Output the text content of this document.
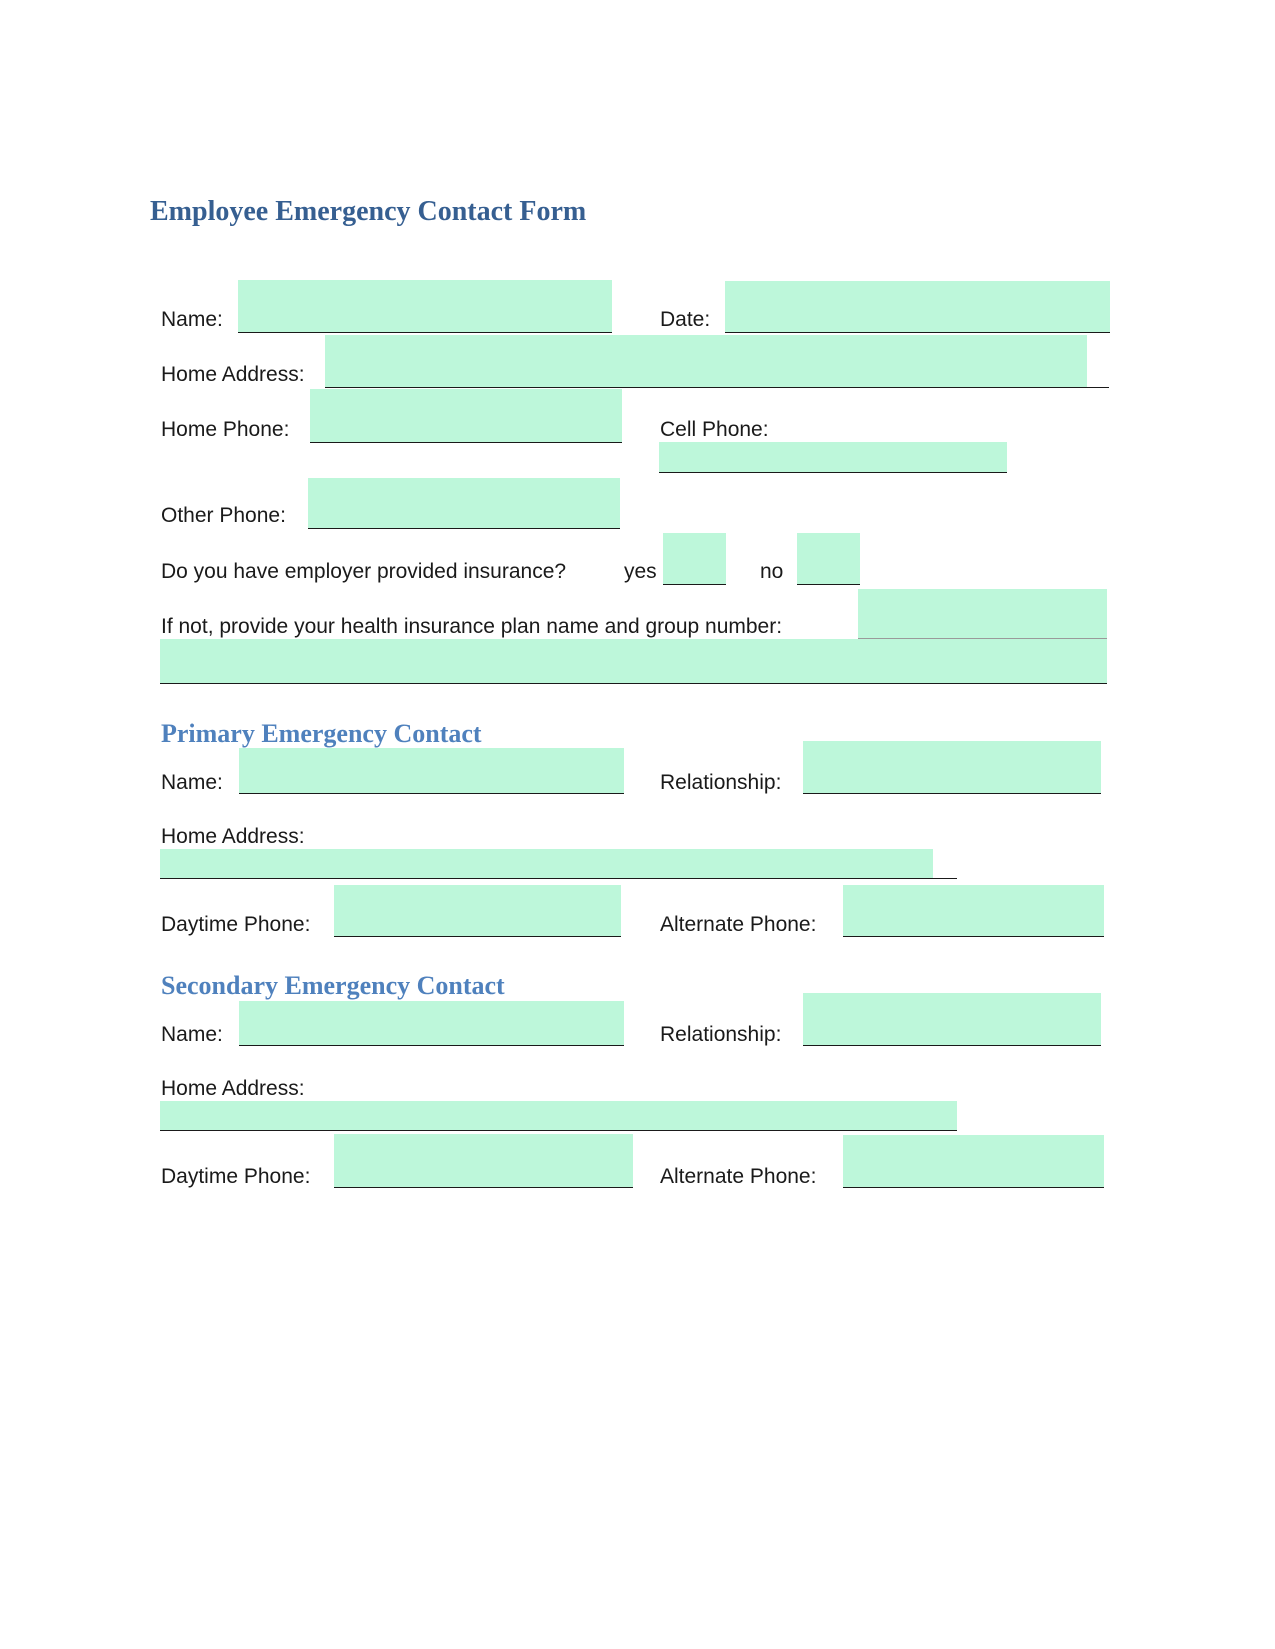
Employee Emergency Contact Form
Name:	Date:
Home Address:
Home Phone:	Cell Phone:
Other Phone:
Do you have employer provided insurance?	yes	no
If not, provide your health insurance plan name and group number:
Primary Emergency Contact
Name:	Relationship:
Home Address:
Daytime Phone:	Alternate Phone:
Secondary Emergency Contact
Name:	Relationship:
Home Address:
Daytime Phone:	Alternate Phone:
